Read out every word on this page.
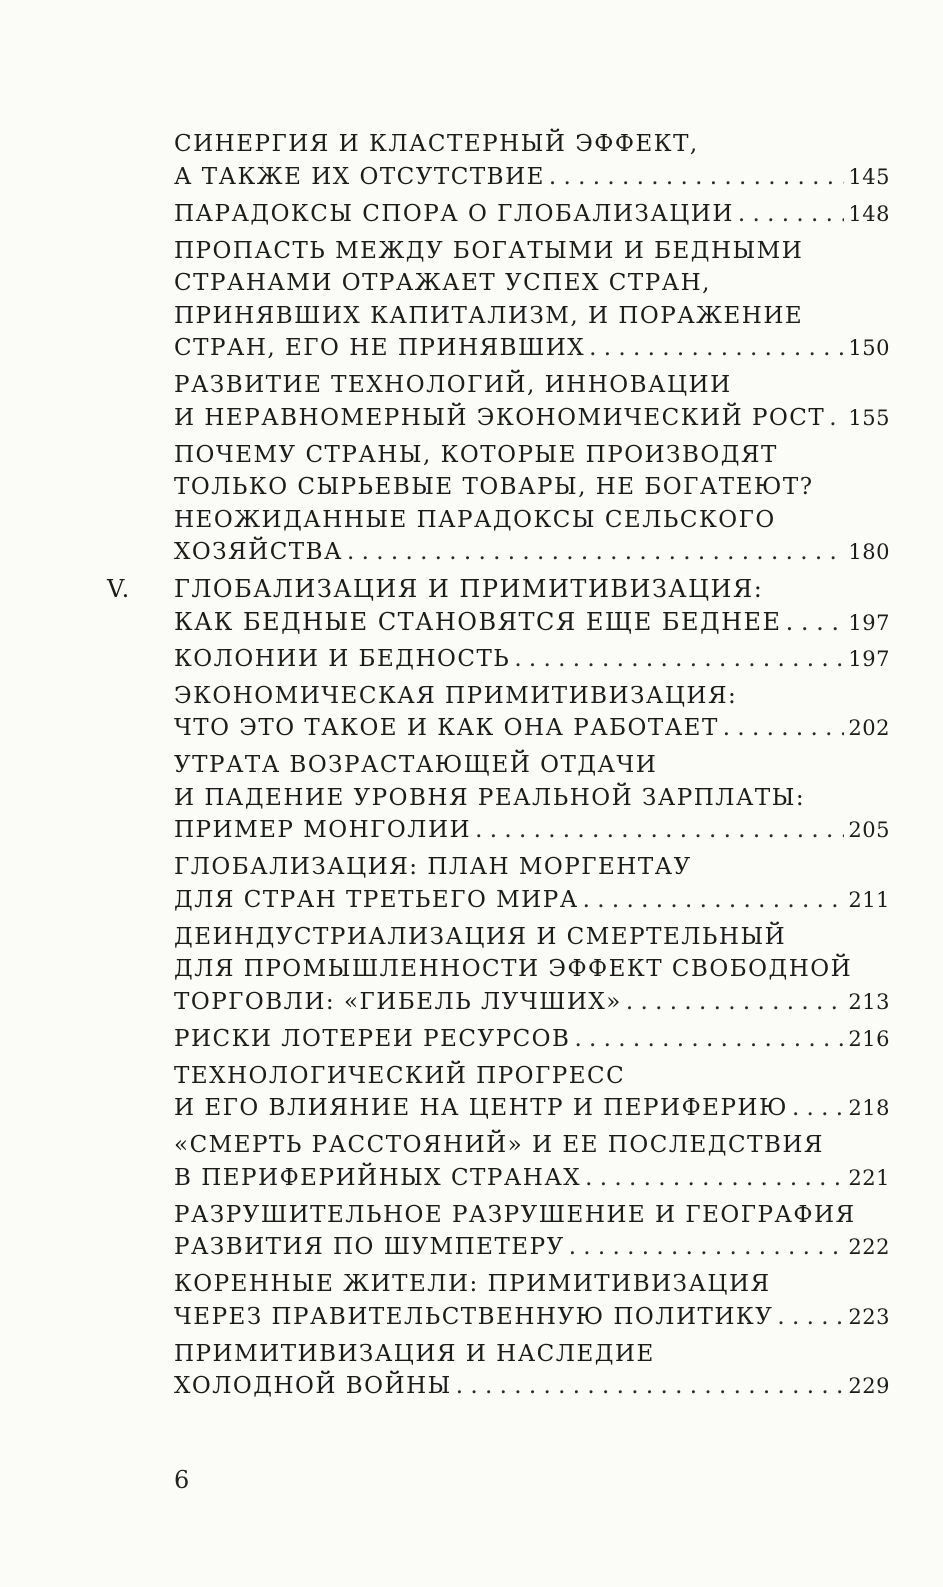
СИНЕРГИЯ И КЛАСТЕРНЫЙ ЭФФЕКТ,
А ТАКЖЕ ИХ ОТСУТСТВИЕ . . .	145
ПАРАДОКСЫ СПОРА О ГЛОБАЛИЗАЦИИ . . .	148
ПРОПАСТЬ МЕЖДУ БОГАТЫМИ И БЕДНЫМИ
СТРАНАМИ ОТРАЖАЕТ УСПЕХ СТРАН,
ПРИНЯВШИХ КАПИТАЛИЗМ, И ПОРАЖЕНИЕ
СТРАН, ЕГО НЕ ПРИНЯВШИХ . . .	150
РАЗВИТИЕ ТЕХНОЛОГИЙ, ИННОВАЦИИ
И НЕРАВНОМЕРНЫЙ ЭКОНОМИЧЕСКИЙ РОСТ . . . 155
ПОЧЕМУ СТРАНЫ, КОТОРЫЕ ПРОИЗВОДЯТ
ТОЛЬКО СЫРЬЕВЫЕ ТОВАРЫ, НЕ БОГАТЕЮТ?
НЕОЖИДАННЫЕ ПАРАДОКСЫ СЕЛЬСКОГО
ХОЗЯЙСТВА . . .	180
V. ГЛОБАЛИЗАЦИЯ И ПРИМИТИВИЗАЦИЯ:
КАК БЕДНЫЕ СТАНОВЯТСЯ ЕЩЕ БЕДНЕЕ . . .	197
КОЛОНИИ И БЕДНОСТЬ . . .	197
ЭКОНОМИЧЕСКАЯ ПРИМИТИВИЗАЦИЯ:
ЧТО ЭТО ТАКОЕ И КАК ОНА РАБОТАЕТ . . .	202
УТРАТА ВОЗРАСТАЮЩЕЙ ОТДАЧИ
И ПАДЕНИЕ УРОВНЯ РЕАЛЬНОЙ ЗАРПЛАТЫ:
ПРИМЕР МОНГОЛИИ . . .	205
ГЛОБАЛИЗАЦИЯ: ПЛАН МОРГЕНТАУ
ДЛЯ СТРАН ТРЕТЬЕГО МИРА . . .	211
ДЕИНДУСТРИАЛИЗАЦИЯ И СМЕРТЕЛЬНЫЙ
ДЛЯ ПРОМЫШЛЕННОСТИ ЭФФЕКТ СВОБОДНОЙ
ТОРГОВЛИ: «ГИБЕЛЬ ЛУЧШИХ» . . .	213
РИСКИ ЛОТЕРЕИ РЕСУРСОВ . . .	216
ТЕХНОЛОГИЧЕСКИЙ ПРОГРЕСС
И ЕГО ВЛИЯНИЕ НА ЦЕНТР И ПЕРИФЕРИЮ . . .	218
«СМЕРТЬ РАССТОЯНИЙ» И ЕЕ ПОСЛЕДСТВИЯ
В ПЕРИФЕРИЙНЫХ СТРАНАХ . . .	221
РАЗРУШИТЕЛЬНОЕ РАЗРУШЕНИЕ И ГЕОГРАФИЯ
РАЗВИТИЯ ПО ШУМПЕТЕРУ . . .	222
КОРЕННЫЕ ЖИТЕЛИ: ПРИМИТИВИЗАЦИЯ
ЧЕРЕЗ ПРАВИТЕЛЬСТВЕННУЮ ПОЛИТИКУ . . .	223
ПРИМИТИВИЗАЦИЯ И НАСЛЕДИЕ
ХОЛОДНОЙ ВОЙНЫ . . .	229
6
